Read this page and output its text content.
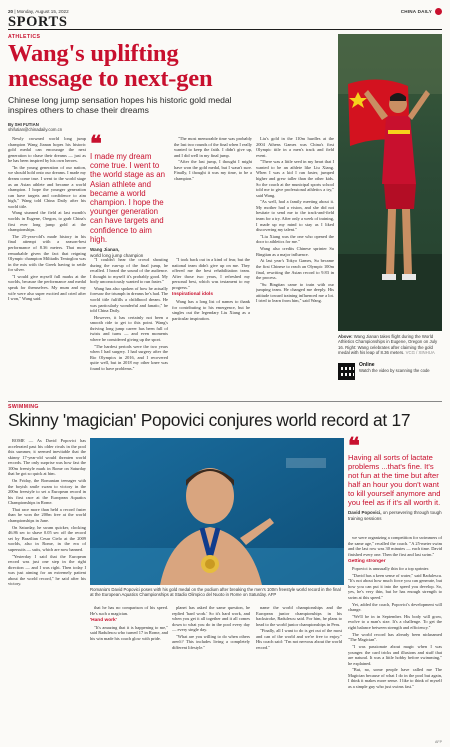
20 | Monday, August 15, 2022	CHINA DAILY
SPORTS
ATHLETICS
Wang's uplifting message to next-gen
Chinese long jump sensation hopes his historic gold medal inspires others to chase their dreams
By SHI FUTIAN
shifutian@chinadaily.com.cn

Newly crowned world long jump champion Wang Jianan hopes his historic gold medal can encourage the next generation to chase their dreams — just as he has been inspired by his own heroes.

"In the young generation of our nation, we should hold onto our dreams. I made my dream come true. I went to the world stage as an Asian athlete and became a world champion. I hope the younger generation can have targets and confidence to aim high," Wang told China Daily after his world title.

Wang stunned the field at last month's worlds in Eugene, Oregon, to grab China's first ever long jump gold at the championships.

The 25-year-old's made history in his final attempt with a season-best performance of 8.36 meters. That more remarkable given the fact that reigning Olympic champion Miltiadis Tentoglou was in the mix with the Greek having to settle for silver.

"I would give myself full marks at the worlds, because the performance and medal speak for themselves. My mum and my wife were also super excited and cried after I won," Wang said.

❝
I made my dream come true. I went to the world stage as an Asian athlete and became a world champion. I hope the younger generation can have targets and confidence to aim high.
Wang Jianan,
world long jump champion

"The most memorable time was probably the last two rounds of the final when I really wanted to keep the faith. I didn't give up, and I did well in my final jump.

"After the last jump, I thought I might have won the gold medal, but I wasn't sure. Finally, I thought it was my time, to be a champion."

"I couldn't hear the crowd shouting during the run-up of the final jump, he recalled. I heard the sound of the audience. I thought to myself it's probably good. My body unconsciously wanted to run faster."

Wang has also spoken of how he actually foresaw the triumph in dreams he's had. The world title fulfills a childhood dream. He was particularly wonderful and fanatic," he told China Daily.

However, it has certainly not been a smooth ride to get to this point. Wang's thriving long jump career has been full of twists and turns — and even moments where he considered giving up the sport.

"The hardest periods were the two years when I had surgery. I had surgery after the Rio Olympics in 2016, and I recovered quite well, but in 2018 my other knee was found to have problems."

"I took back out in a kind of fear, but the national team didn't give up on me. They offered me the best rehabilitation team. After those two years, I refreshed my personal best, which was testament to my progress."

Inspirational idols

Wang has a long list of names to thank for contributing to his emergence, but he singles out the legendary Liu Xiang as a particular inspiration.

Liu's gold in the 110m hurdles at the 2004 Athens Games was China's first Olympic title in a men's track and field event.

"There was a little seed in my heart that I wanted to be an athlete like Liu Xiang. When I was a kid I ran faster, jumped higher and grew taller than the other kids. So the coach at the municipal sports school told me to give professional athletics a try," said Wang.

"As well, had a family meeting about it. My mother had a vision, and she did not hesitate to send me to the track-and-field team for a try. After only a week of training, I made up my mind to stay as I liked discovering my talent."

"Liu Xiang was the one who opened the door to athletics for me."

Wang also credits Chinese sprinter Su Bingtian as a major influence.

At last year's Tokyo Games, Su became the first Chinese to reach an Olympic 100m final, rewriting the Asian record to 9.83 in the process.

"Su Bingtian came to train with our jumping team. He changed me deeply. His attitude toward training influenced me a lot. I tried to learn from him," said Wang.

Above: Wang Jianan takes flight during the World Athletics Championships in Eugene, Oregon on July 16. Right: Wang celebrates after claiming the gold medal with his leap of 8.36 meters. VCG / XINHUA
Online
Watch the video by scanning the code
SWIMMING
Skinny 'magician' Popovici conjures world record at 17

ROME — As David Popovici has accelerated past his older rivals in the pool this summer, it seemed inevitable that the skinny 17-year-old would threaten world records. The only surprise was how fast the 100m freestyle mark in Rome on Saturday that he got so quick at him.

On Friday, the Romanian teenager with the boyish smile swam to victory in the 200m freestyle to set a European record in his first race at the European Aquatics Championships in Rome.

That race more than held a record faster than he won the 200m free at the world championships in June.

On Saturday, he swam quicker, clocking 46.86 sec to shave 0.05 sec off the record set by Brazilian Cesar Cielo at the 2009 worlds, also in Rome, in the era of supersuits — suits, which are now banned.

"Yesterday I said that the European record was just one step in the right direction — and I was right. Then today I was just aiming for an extremely patient about the world record," he said after his victory.

Romania's David Popovici poses with his gold medal on the podium after breaking the men's 100m freestyle world record in the final at the European Aquatics Championships at Stadio Olimpico del Nuoto in Rome on Saturday. AFP

that he has no comparison of his speed. He's such a magician.

'Hand work'

"It's amazing that it is happening to me," said Radulescu who turned 17 in Rome, and his win made his coach glow with pride.

planet has asked the same question, he replied 'hard work.' So it's hard work, and when you get it all together and it all comes down to what you do in the pool every day — every single day.

"What are you willing to do when others aren't? This includes living a completely different lifestyle."

name the world championships and the European junior championships in his backstroke, Radulescu said. For him, he plans to head to the world junior championships in Peru.

"Finally, all I want to do is get out of the most and can of the world and we're free to enjoy." His coach said: "I'm not nervous about the world record."

❝
Having all sorts of lactate problems ...that's fine. It's not fun at the time but after half an hour you don't want to kill yourself anymore and you feel as if it's all worth it.
David Popovici, on persevering through tough training sessions

we were organizing a competition for swimmers of the same age," recalled the coach. "A 25-meter swim and the last row was 30 minutes — each time. David finished every one. Then the first and last swim."

Getting stronger

Popovici is unusually thin for a top sprinter.

"David has a keen sense of water," said Radulescu. "It's not about how much force you can generate, but how you can put it into the speed you develop. So, yes, he's very thin, but he has enough strength to swim at this speed."

Yet, added the coach, Popovici's development will change.

"We'll be in in September. His body will grow, evolve to a man's size. It's a challenge. To get the right balance between strength and efficiency."

The world record has already been nicknamed "The Magician".

"I was passionate about magic when I was younger. the card tricks and illusions and stuff that are natural. It was a little hobby before swimming," he explained.

"But, no, some people have called me The Magician because of what I do in the pool but again, I think it makes more sense. I like to think of myself as a simple guy who just swims fast."

AFP
